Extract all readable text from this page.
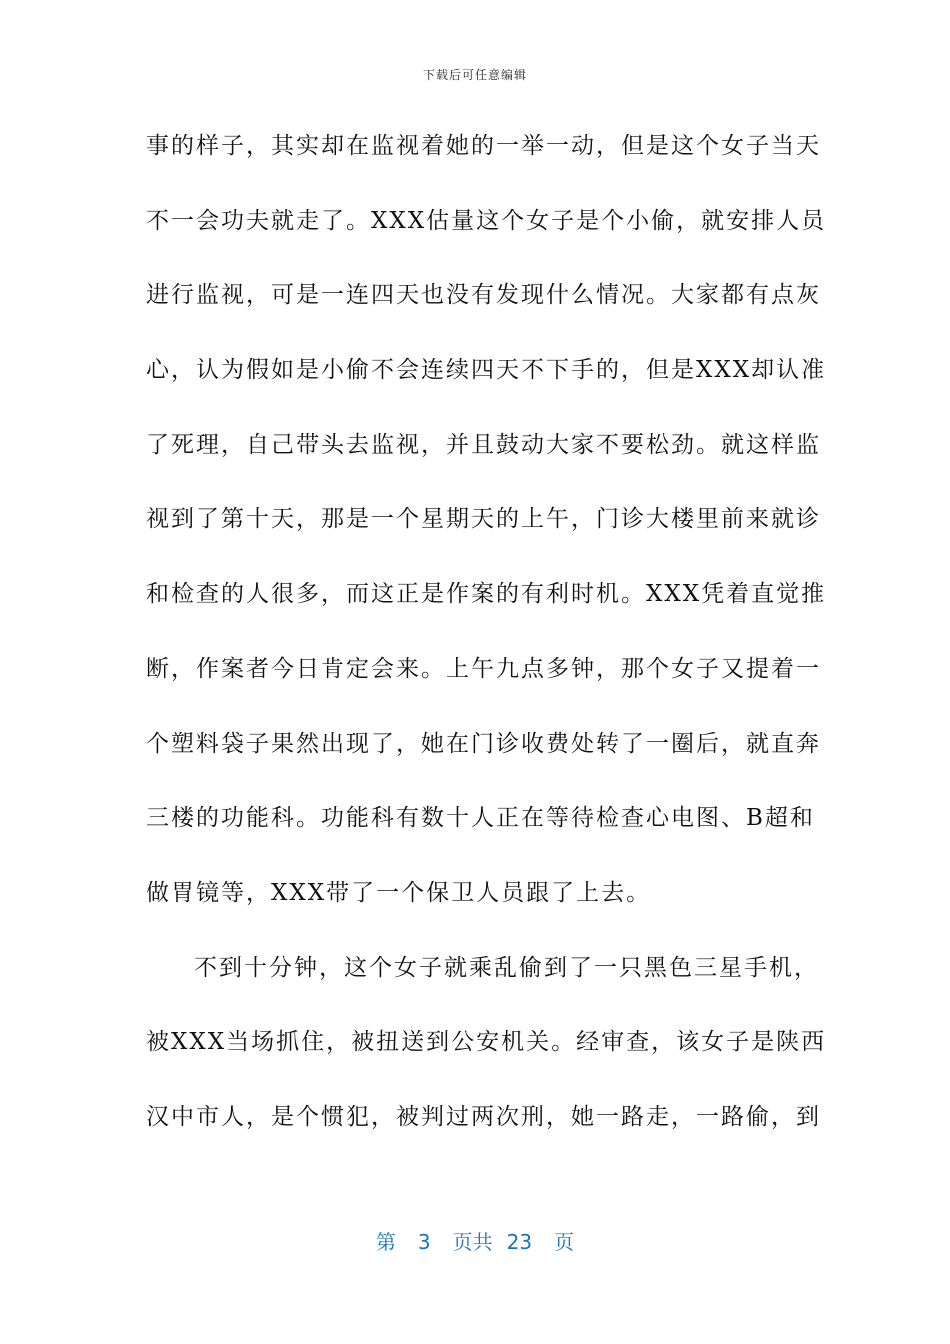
下载后可任意编辑
事的样子，其实却在监视着她的一举一动，但是这个女子当天
不一会功夫就走了。XXX估量这个女子是个小偷，就安排人员
进行监视，可是一连四天也没有发现什么情况。大家都有点灰
心，认为假如是小偷不会连续四天不下手的，但是XXX却认准
了死理，自己带头去监视，并且鼓动大家不要松劲。就这样监
视到了第十天，那是一个星期天的上午，门诊大楼里前来就诊
和检查的人很多，而这正是作案的有利时机。XXX凭着直觉推
断，作案者今日肯定会来。上午九点多钟，那个女子又提着一
个塑料袋子果然出现了，她在门诊收费处转了一圈后，就直奔
三楼的功能科。功能科有数十人正在等待检查心电图、B超和
做胃镜等，XXX带了一个保卫人员跟了上去。
不到十分钟，这个女子就乘乱偷到了一只黑色三星手机，
被XXX当场抓住，被扭送到公安机关。经审查，该女子是陕西
汉中市人，是个惯犯，被判过两次刑，她一路走，一路偷，到
第 3 页共 23 页
